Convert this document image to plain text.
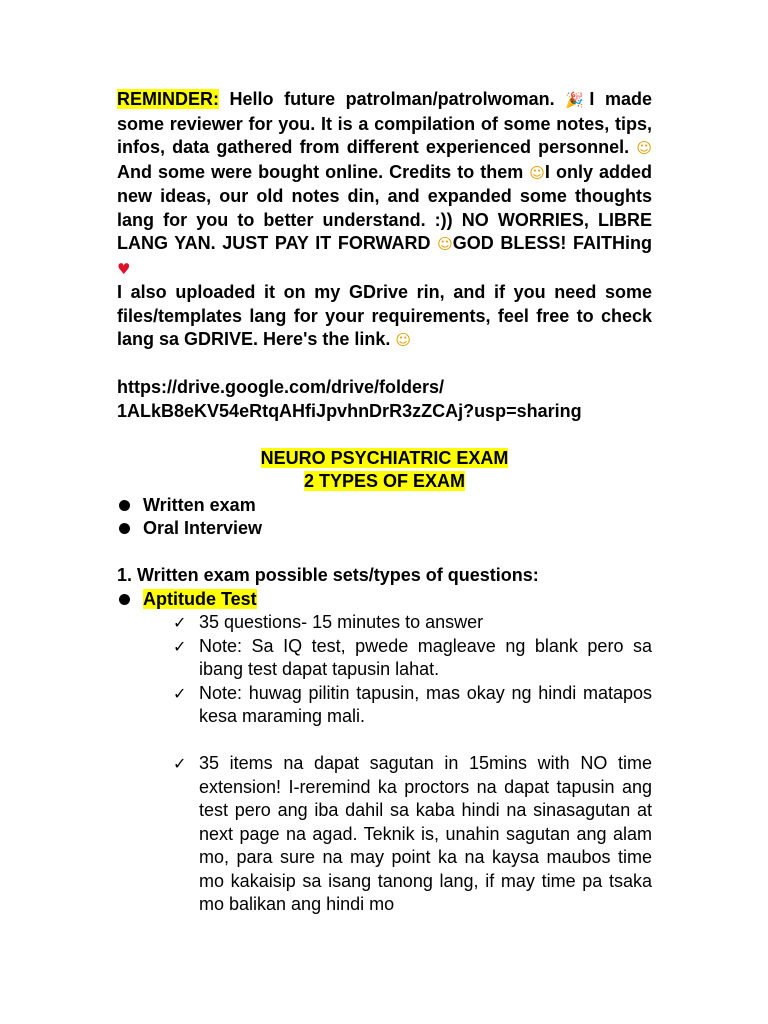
REMINDER: Hello future patrolman/patrolwoman. 🎉I made some reviewer for you. It is a compilation of some notes, tips, infos, data gathered from different experienced personnel. ☺ And some were bought online. Credits to them ☺I only added new ideas, our old notes din, and expanded some thoughts lang for you to better understand. :)) NO WORRIES, LIBRE LANG YAN. JUST PAY IT FORWARD ☺GOD BLESS! FAITHing ♥

I also uploaded it on my GDrive rin, and if you need some files/templates lang for your requirements, feel free to check lang sa GDRIVE. Here's the link. ☺

https://drive.google.com/drive/folders/
1ALkB8eKV54eRtqAHfiJpvhnDrR3zZCAj?usp=sharing
NEURO PSYCHIATRIC EXAM
2 TYPES OF EXAM
Written exam
Oral Interview
1. Written exam possible sets/types of questions:
Aptitude Test
✓ 35 questions- 15 minutes to answer
✓ Note: Sa IQ test, pwede magleave ng blank pero sa ibang test dapat tapusin lahat.
✓ Note: huwag pilitin tapusin, mas okay ng hindi matapos kesa maraming mali.
✓ 35 items na dapat sagutan in 15mins with NO time extension! I-reremind ka proctors na dapat tapusin ang test pero ang iba dahil sa kaba hindi na sinasagutan at next page na agad. Teknik is, unahin sagutan ang alam mo, para sure na may point ka na kaysa maubos time mo kakaisip sa isang tanong lang, if may time pa tsaka mo balikan ang hindi mo
